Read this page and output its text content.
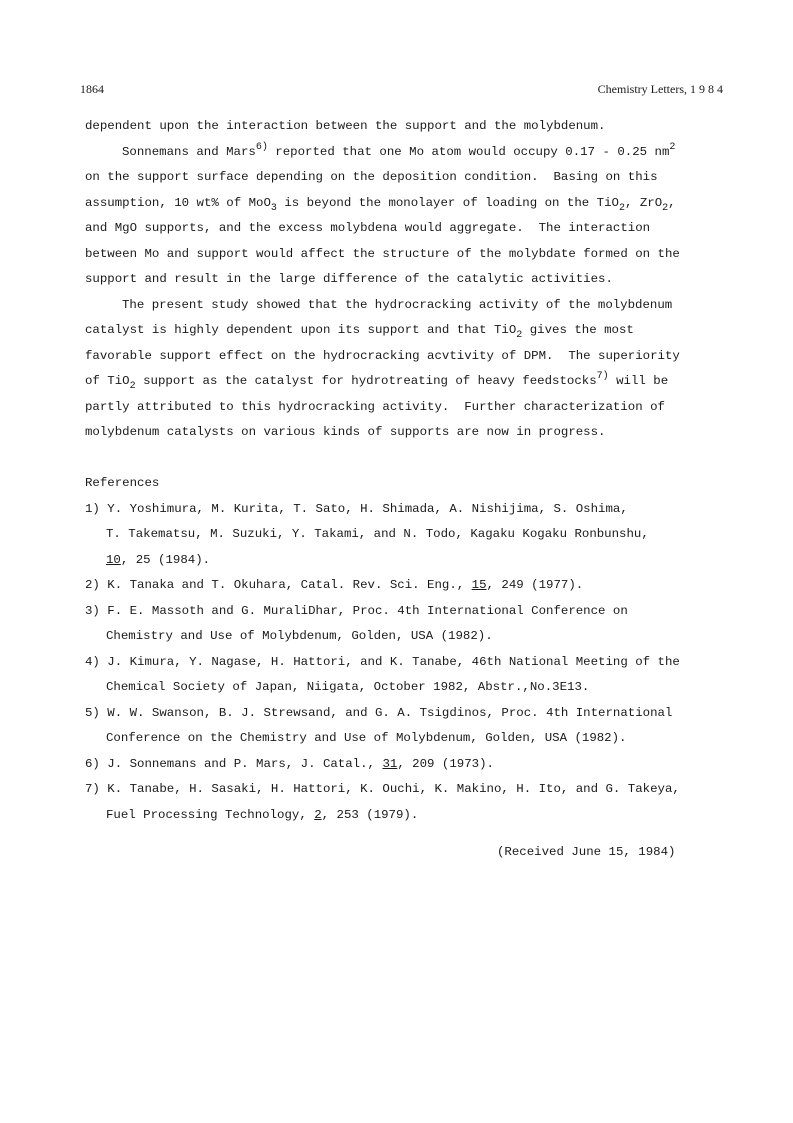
1864	Chemistry Letters, 1 9 8 4
dependent upon the interaction between the support and the molybdenum.
Sonnemans and Mars$^{6)}$ reported that one Mo atom would occupy 0.17 - 0.25 $nm^2$
on the support surface depending on the deposition condition.  Basing on this
assumption, 10 wt% of MoO$_3$ is beyond the monolayer of loading on the TiO$_2$, ZrO$_2$,
and MgO supports, and the excess molybdena would aggregate.  The interaction
between Mo and support would affect the structure of the molybdate formed on the
support and result in the large difference of the catalytic activities.
The present study showed that the hydrocracking activity of the molybdenum
catalyst is highly dependent upon its support and that TiO$_2$ gives the most
favorable support effect on the hydrocracking acvtivity of DPM.  The superiority
of TiO$_2$ support as the catalyst for hydrotreating of heavy feedstocks$^{7)}$ will be
partly attributed to this hydrocracking activity.  Further characterization of
molybdenum catalysts on various kinds of supports are now in progress.
References
1) Y. Yoshimura, M. Kurita, T. Sato, H. Shimada, A. Nishijima, S. Oshima,
T. Takematsu, M. Suzuki, Y. Takami, and N. Todo, Kagaku Kogaku Ronbunshu,
10, 25 (1984).
2) K. Tanaka and T. Okuhara, Catal. Rev. Sci. Eng., 15, 249 (1977).
3) F. E. Massoth and G. MuraliDhar, Proc. 4th International Conference on
Chemistry and Use of Molybdenum, Golden, USA (1982).
4) J. Kimura, Y. Nagase, H. Hattori, and K. Tanabe, 46th National Meeting of the
Chemical Society of Japan, Niigata, October 1982, Abstr.,No.3E13.
5) W. W. Swanson, B. J. Strewsand, and G. A. Tsigdinos, Proc. 4th International
Conference on the Chemistry and Use of Molybdenum, Golden, USA (1982).
6) J. Sonnemans and P. Mars, J. Catal., 31, 209 (1973).
7) K. Tanabe, H. Sasaki, H. Hattori, K. Ouchi, K. Makino, H. Ito, and G. Takeya,
Fuel Processing Technology, 2, 253 (1979).
(Received June 15, 1984)
